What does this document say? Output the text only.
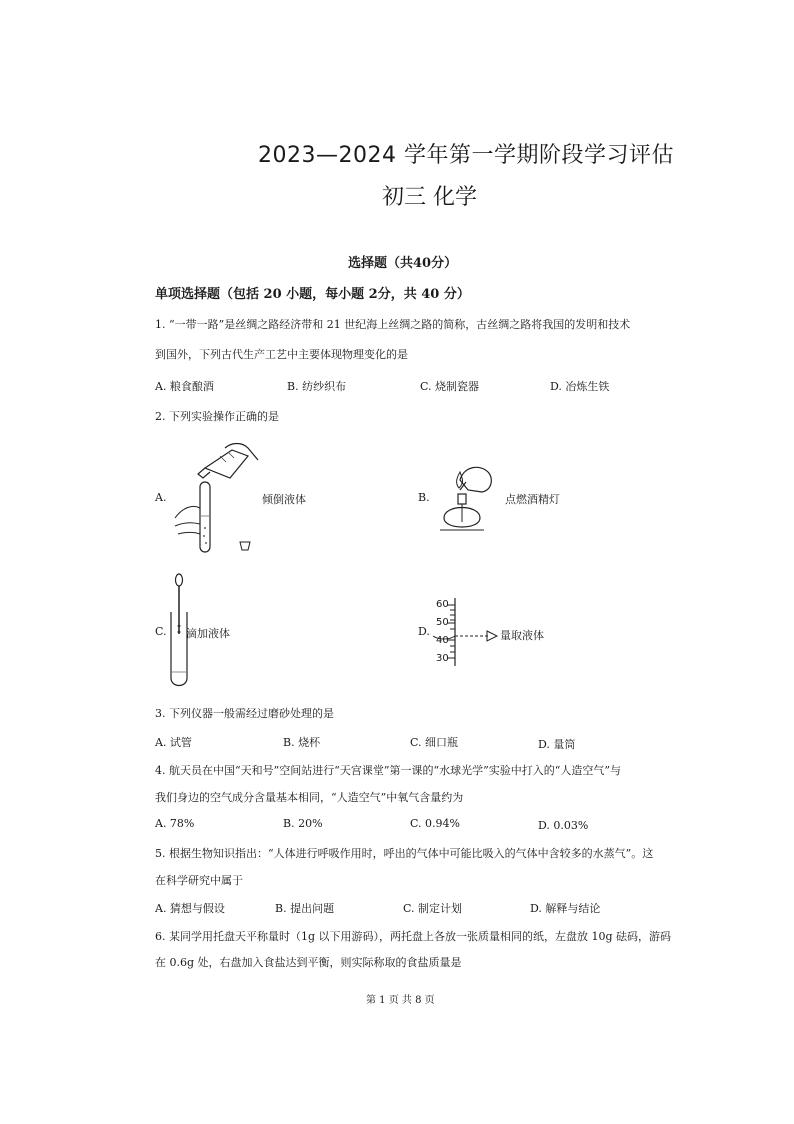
2023—2024 学年第一学期阶段学习评估
初三 化学
选择题（共40分）
单项选择题（包括 20 小题，每小题 2分，共 40 分）
1. “一带一路”是丝绸之路经济带和 21 世纪海上丝绸之路的简称，古丝绸之路将我国的发明和技术
到国外，下列古代生产工艺中主要体现物理变化的是
A. 粮食酿酒	B. 纺纱织布	C. 烧制瓷器	D. 冶炼生铁
2. 下列实验操作正确的是
A.	倾倒液体	B.	点燃酒精灯
C. 滴加液体	D.
60
50
40
30
量取液体
3. 下列仪器一般需经过磨砂处理的是
A. 试管	B. 烧杯	C. 细口瓶	D. 量筒
4. 航天员在中国“天和号”空间站进行“天宫课堂”第一课的“水球光学”实验中打入的“人造空气”与
我们身边的空气成分含量基本相同，“人造空气”中氧气含量约为
A. 78%	B. 20%	C. 0.94%	D. 0.03%
5. 根据生物知识指出：“人体进行呼吸作用时，呼出的气体中可能比吸入的气体中含较多的水蒸气”。这
在科学研究中属于
A. 猜想与假设	B. 提出问题	C. 制定计划	D. 解释与结论
6. 某同学用托盘天平称量时（1g 以下用游码），两托盘上各放一张质量相同的纸，左盘放 10g 砝码，游码
在 0.6g 处，右盘加入食盐达到平衡，则实际称取的食盐质量是
第 1 页 共 8 页
